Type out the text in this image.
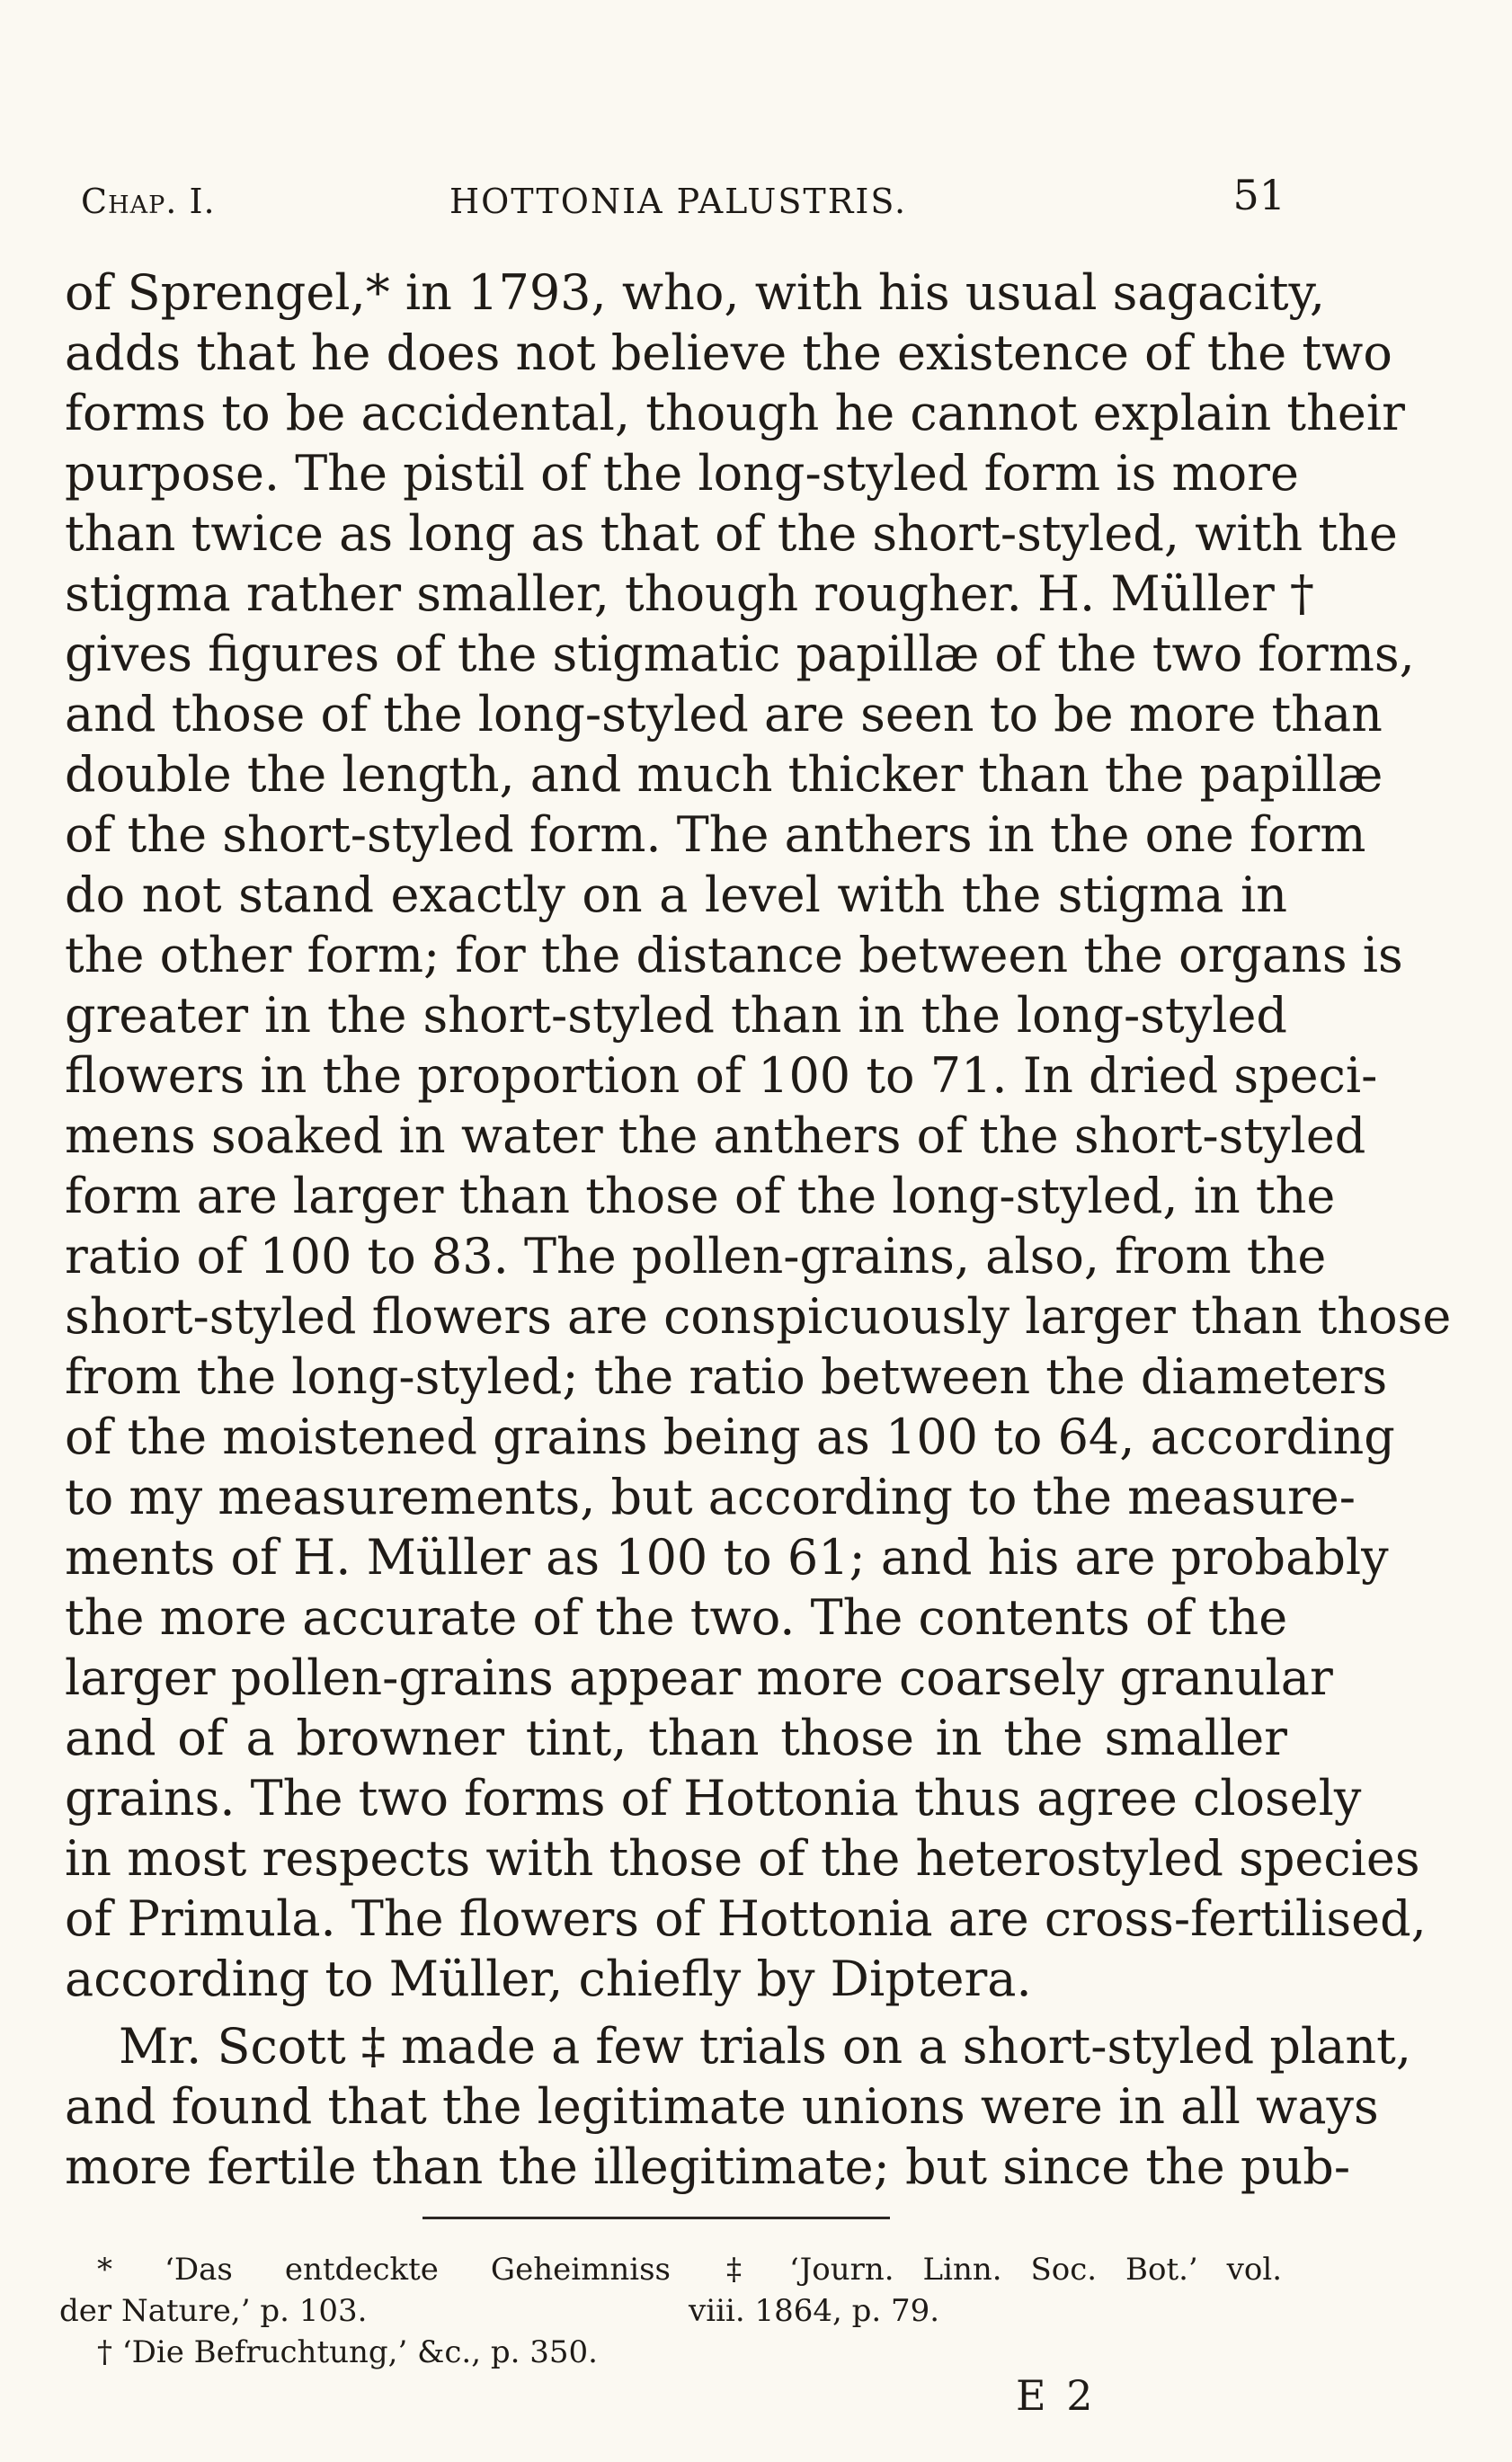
Chap. I.	HOTTONIA PALUSTRIS.	51
of Sprengel,* in 1793, who, with his usual sagacity,
adds that he does not believe the existence of the two
forms to be accidental, though he cannot explain their
purpose. The pistil of the long-styled form is more
than twice as long as that of the short-styled, with the
stigma rather smaller, though rougher. H. Müller †
gives figures of the stigmatic papillæ of the two forms,
and those of the long-styled are seen to be more than
double the length, and much thicker than the papillæ
of the short-styled form. The anthers in the one form
do not stand exactly on a level with the stigma in
the other form; for the distance between the organs is
greater in the short-styled than in the long-styled
flowers in the proportion of 100 to 71. In dried speci-
mens soaked in water the anthers of the short-styled
form are larger than those of the long-styled, in the
ratio of 100 to 83. The pollen-grains, also, from the
short-styled flowers are conspicuously larger than those
from the long-styled; the ratio between the diameters
of the moistened grains being as 100 to 64, according
to my measurements, but according to the measure-
ments of H. Müller as 100 to 61; and his are probably
the more accurate of the two. The contents of the
larger pollen-grains appear more coarsely granular
and of a browner tint, than those in the smaller
grains. The two forms of Hottonia thus agree closely
in most respects with those of the heterostyled species
of Primula. The flowers of Hottonia are cross-fertilised,
according to Müller, chiefly by Diptera.
Mr. Scott ‡ made a few trials on a short-styled plant,
and found that the legitimate unions were in all ways
more fertile than the illegitimate; but since the pub-
* ‘Das entdeckte Geheimniss
der Nature,’ p. 103.
† ‘Die Befruchtung,’ &c., p. 350.
‡ ‘Journ. Linn. Soc. Bot.’ vol.
viii. 1864, p. 79.
E 2
